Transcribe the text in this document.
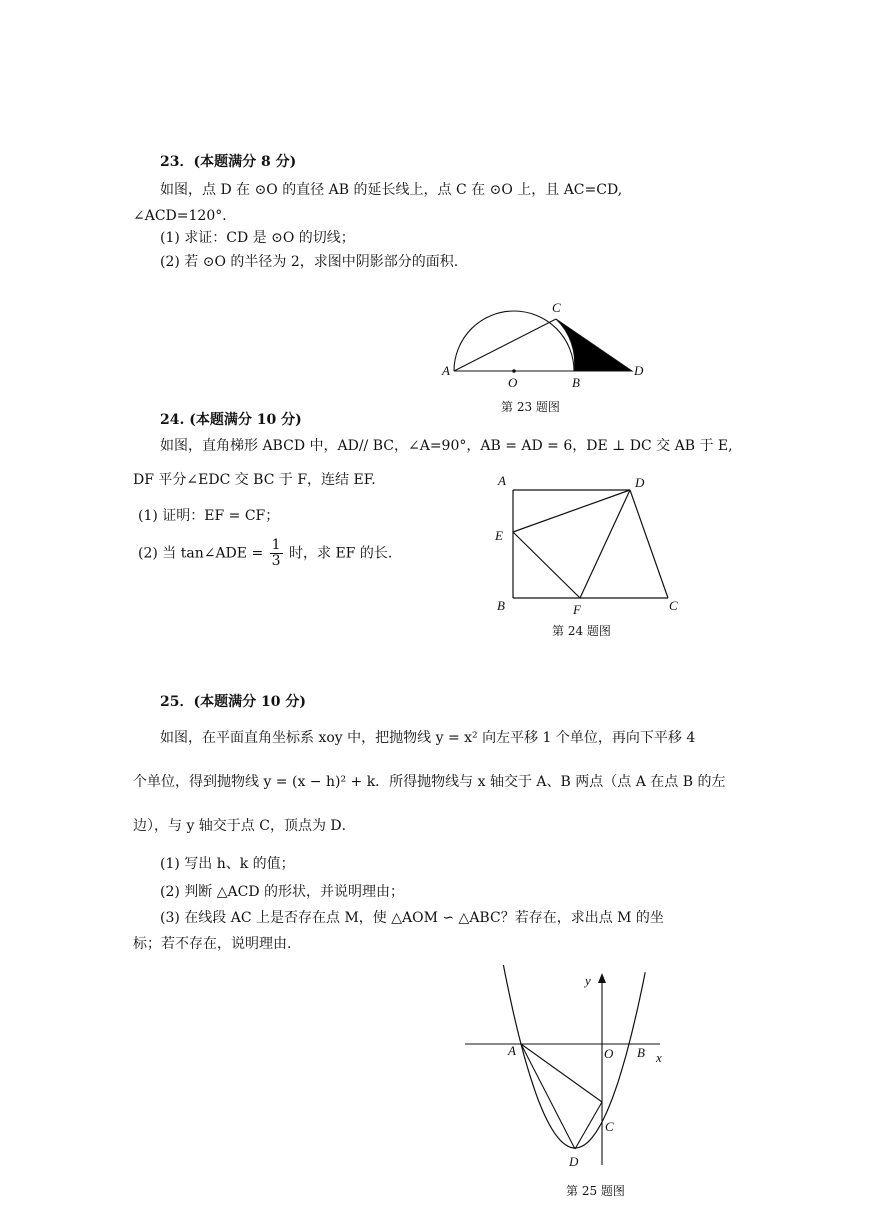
23．(本题满分 8 分)
如图，点 D 在 ⊙O 的直径 AB 的延长线上，点 C 在 ⊙O 上，且 AC=CD,
∠ACD=120°．
(1) 求证：CD 是 ⊙O 的切线；
(2) 若 ⊙O 的半径为 2，求图中阴影部分的面积.
A
O	B
C
D
第 23 题图
24. (本题满分 10 分)
如图，直角梯形 ABCD 中，AD// BC，∠A=90°，AB = AD = 6，DE ⊥ DC 交 AB 于 E,
DF 平分∠EDC 交 BC 于 F，连结 EF.
(1) 证明：EF = CF；
(2) 当 tan∠ADE = $\frac{1}{3}$ 时，求 EF 的长.
A	D
E
B	F	C
第 24 题图
25．(本题满分 10 分)
如图，在平面直角坐标系 xoy 中，把抛物线 y = x² 向左平移 1 个单位，再向下平移 4
个单位，得到抛物线 y = (x − h)² + k．所得抛物线与 x 轴交于 A、B 两点（点 A 在点 B 的左
边），与 y 轴交于点 C，顶点为 D．
(1) 写出 h、k 的值；
(2) 判断 △ACD 的形状，并说明理由；
(3) 在线段 AC 上是否存在点 M，使 △AOM ∽ △ABC？若存在，求出点 M 的坐
标；若不存在，说明理由.
y
x
A	O B
C
D
第 25 题图
